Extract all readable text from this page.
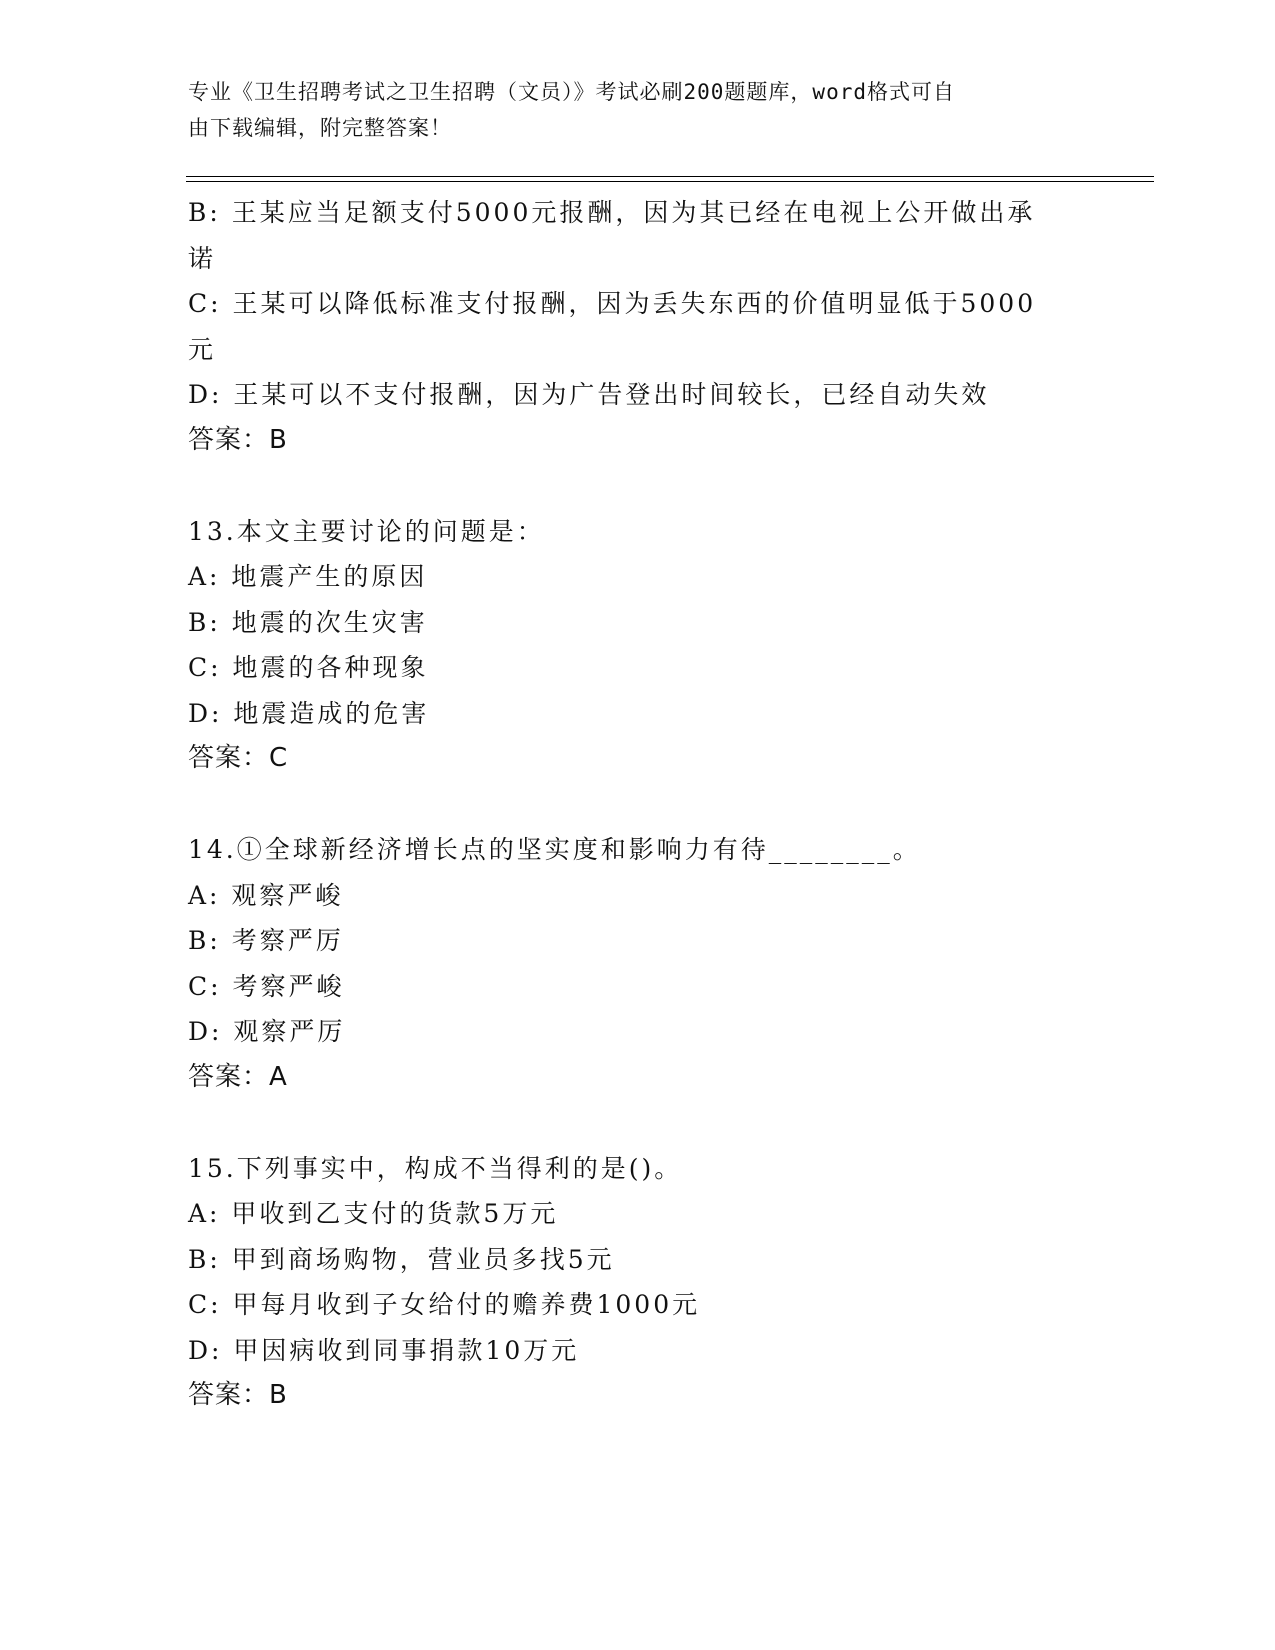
专业《卫生招聘考试之卫生招聘（文员）》考试必刷200题题库，word格式可自
由下载编辑，附完整答案！
B: 王某应当足额支付5000元报酬，因为其已经在电视上公开做出承
诺
C: 王某可以降低标准支付报酬，因为丢失东西的价值明显低于5000
元
D: 王某可以不支付报酬，因为广告登出时间较长，已经自动失效
答案：B
13.本文主要讨论的问题是：
A: 地震产生的原因
B: 地震的次生灾害
C: 地震的各种现象
D: 地震造成的危害
答案：C
14.①全球新经济增长点的坚实度和影响力有待________。
A: 观察严峻
B: 考察严厉
C: 考察严峻
D: 观察严厉
答案：A
15.下列事实中，构成不当得利的是()。
A: 甲收到乙支付的货款5万元
B: 甲到商场购物，营业员多找5元
C: 甲每月收到子女给付的赡养费1000元
D: 甲因病收到同事捐款10万元
答案：B
